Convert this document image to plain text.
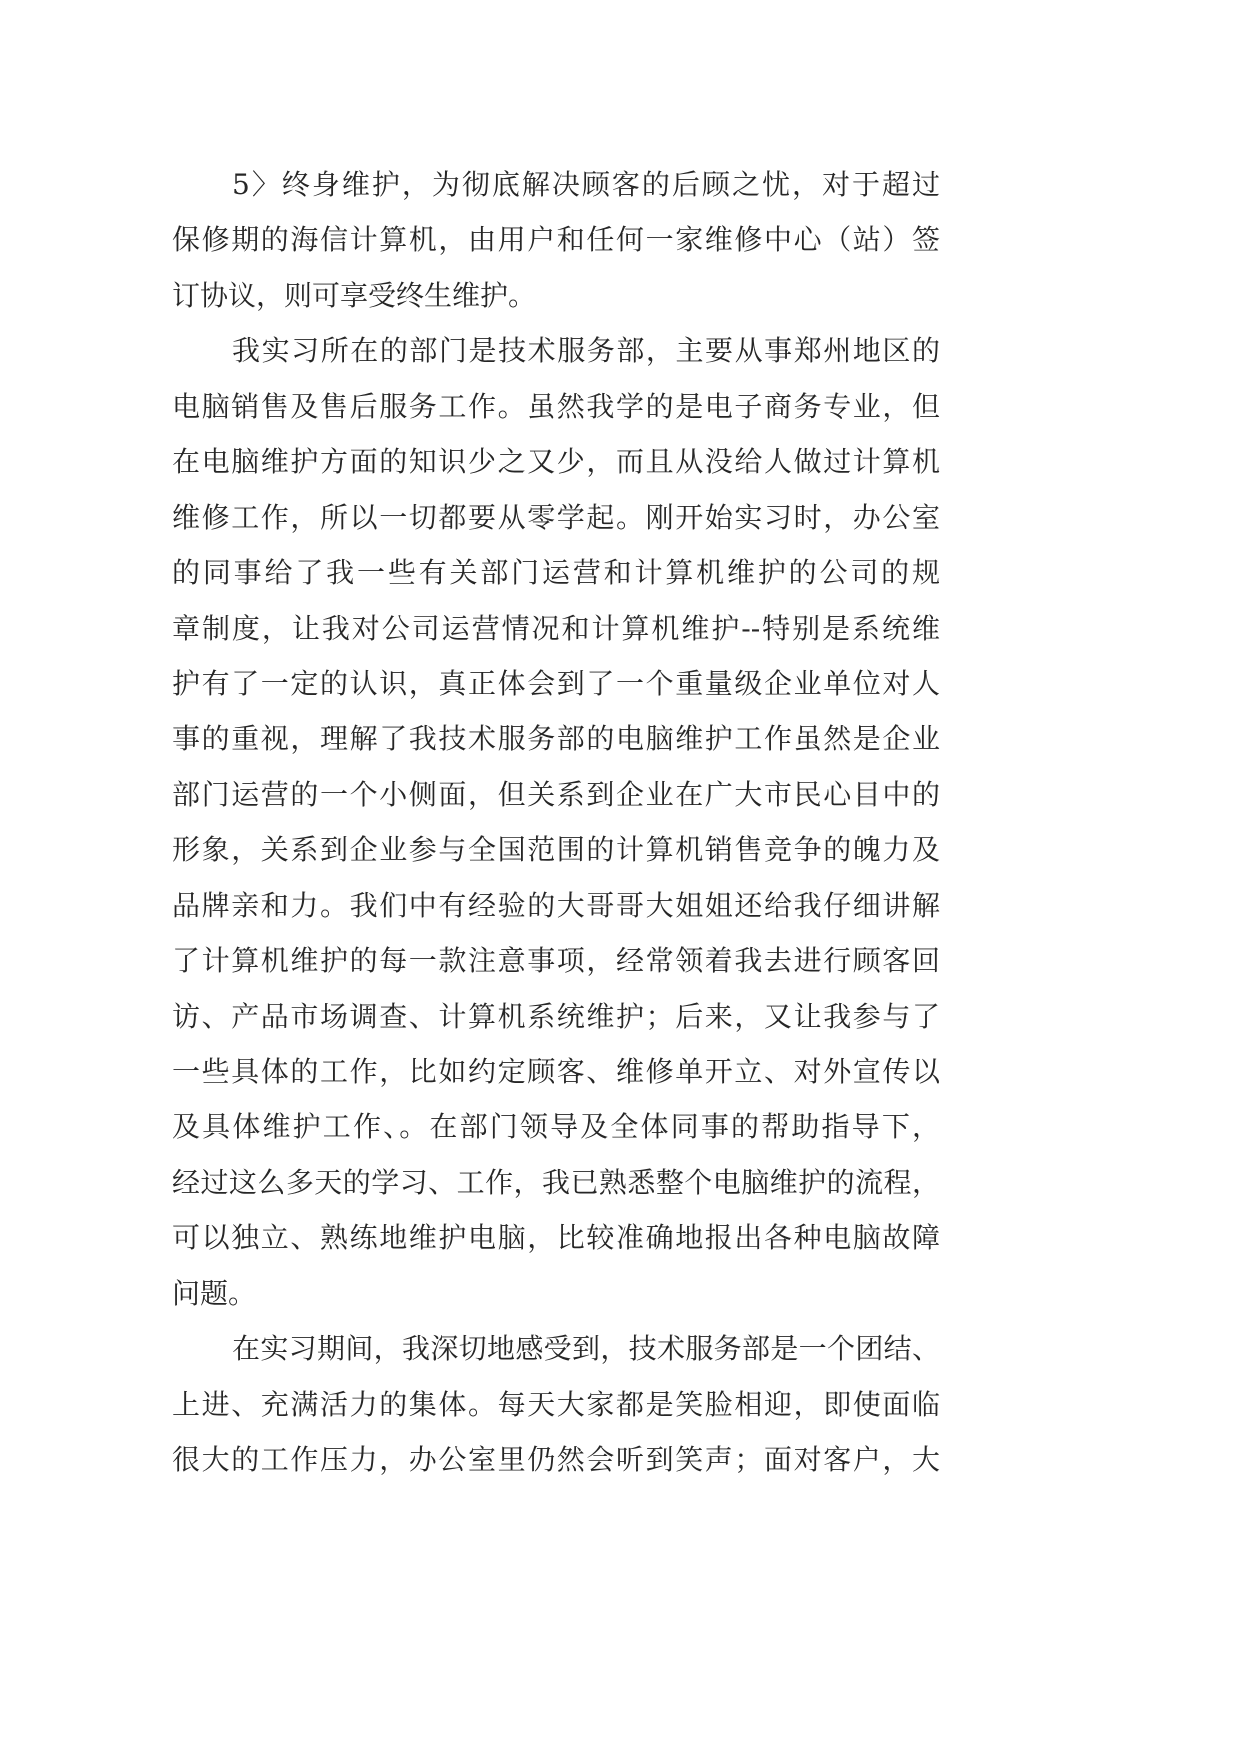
5〉终身维护，为彻底解决顾客的后顾之忧，对于超过
保修期的海信计算机，由用户和任何一家维修中心（站）签
订协议，则可享受终生维护。
我实习所在的部门是技术服务部，主要从事郑州地区的
电脑销售及售后服务工作。虽然我学的是电子商务专业，但
在电脑维护方面的知识少之又少，而且从没给人做过计算机
维修工作，所以一切都要从零学起。刚开始实习时，办公室
的同事给了我一些有关部门运营和计算机维护的公司的规
章制度，让我对公司运营情况和计算机维护--特别是系统维
护有了一定的认识，真正体会到了一个重量级企业单位对人
事的重视，理解了我技术服务部的电脑维护工作虽然是企业
部门运营的一个小侧面，但关系到企业在广大市民心目中的
形象，关系到企业参与全国范围的计算机销售竞争的魄力及
品牌亲和力。我们中有经验的大哥哥大姐姐还给我仔细讲解
了计算机维护的每一款注意事项，经常领着我去进行顾客回
访、产品市场调查、计算机系统维护；后来，又让我参与了
一些具体的工作，比如约定顾客、维修单开立、对外宣传以
及具体维护工作、。在部门领导及全体同事的帮助指导下，
经过这么多天的学习、工作，我已熟悉整个电脑维护的流程，
可以独立、熟练地维护电脑，比较准确地报出各种电脑故障
问题。
在实习期间，我深切地感受到，技术服务部是一个团结、
上进、充满活力的集体。每天大家都是笑脸相迎，即使面临
很大的工作压力，办公室里仍然会听到笑声；面对客户，大
